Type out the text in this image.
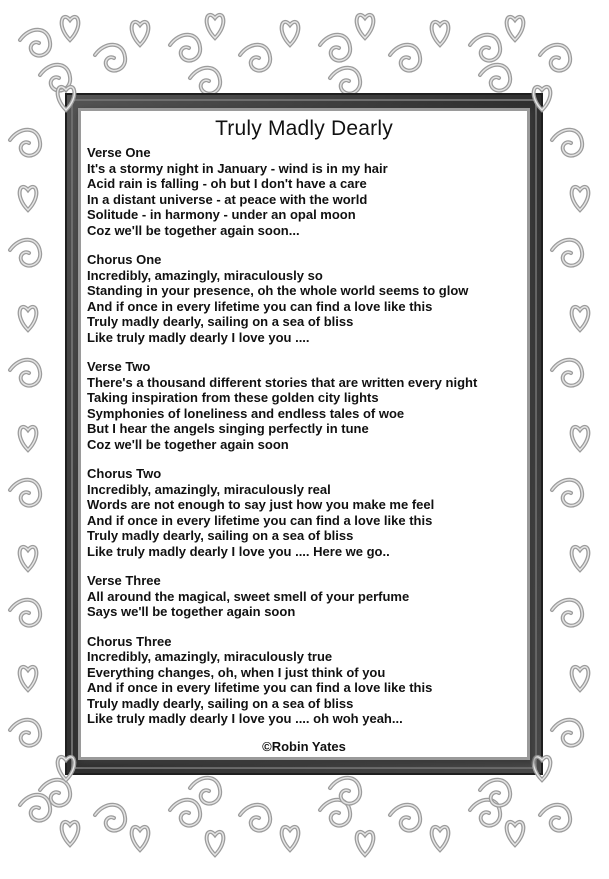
Truly Madly Dearly
Verse One
It's a stormy night in January - wind is in my hair
Acid rain is falling - oh but I don't have a care
In a distant universe - at peace with the world
Solitude - in harmony - under an opal moon
Coz we'll be together again soon...
Chorus One
Incredibly, amazingly, miraculously so
Standing in your presence, oh the whole world seems to glow
And if once in every lifetime you can find a love like this
Truly madly dearly, sailing on a sea of bliss
Like truly madly dearly I love you ....
Verse Two
There's a thousand different stories that are written every night
Taking inspiration from these golden city lights
Symphonies of loneliness and endless tales of woe
But I hear the angels singing perfectly in tune
Coz we'll be together again soon
Chorus Two
Incredibly, amazingly, miraculously real
Words are not enough to say just how you make me feel
And if once in every lifetime you can find a love like this
Truly madly dearly, sailing on a sea of bliss
Like truly madly dearly I love you .... Here we go..
Verse Three
All around the magical, sweet smell of your perfume
Says we'll be together again soon
Chorus Three
Incredibly, amazingly, miraculously true
Everything changes, oh, when I just think of you
And if once in every lifetime you can find a love like this
Truly madly dearly, sailing on a sea of bliss
Like truly madly dearly I love you .... oh woh yeah...
©Robin Yates
